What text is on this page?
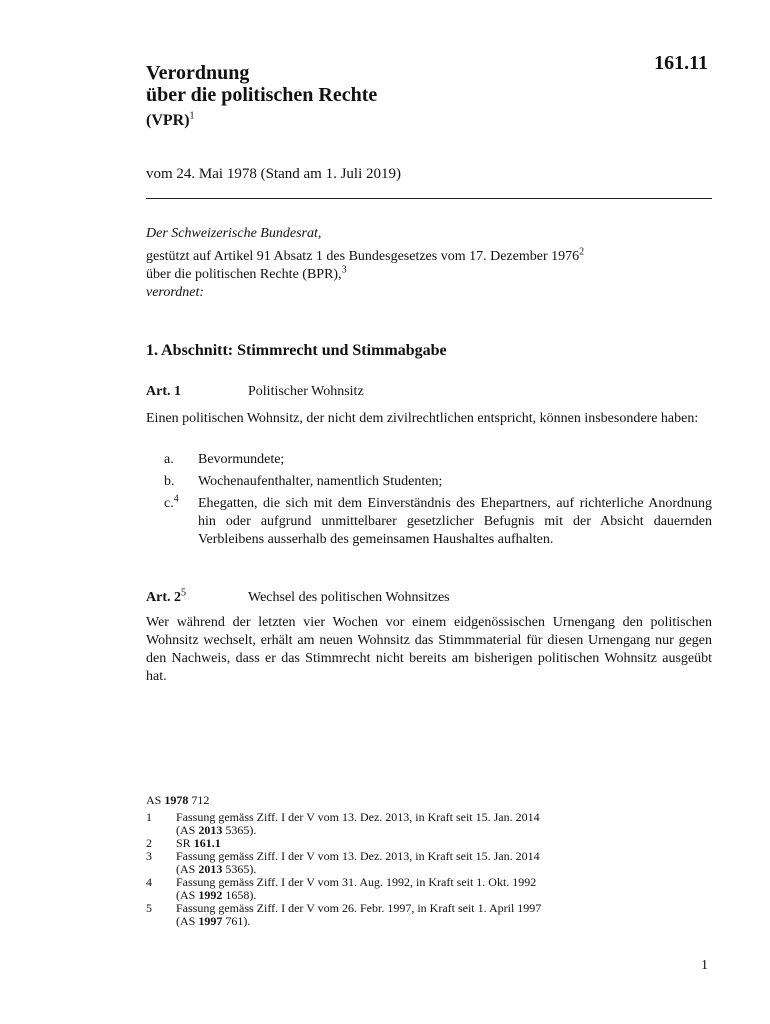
161.11
Verordnung
über die politischen Rechte
(VPR)$^1$
vom 24. Mai 1978 (Stand am 1. Juli 2019)
Der Schweizerische Bundesrat,
gestützt auf Artikel 91 Absatz 1 des Bundesgesetzes vom 17. Dezember 1976$^2$
über die politischen Rechte (BPR),$^3$
verordnet:
1. Abschnitt: Stimmrecht und Stimmabgabe
Art. 1	Politischer Wohnsitz
Einen politischen Wohnsitz, der nicht dem zivilrechtlichen entspricht, können insbesondere haben:
a.	Bevormundete;
b.	Wochenaufenthalter, namentlich Studenten;
c.$^4$	Ehegatten, die sich mit dem Einverständnis des Ehepartners, auf richterliche Anordnung hin oder aufgrund unmittelbarer gesetzlicher Befugnis mit der Absicht dauernden Verbleibens ausserhalb des gemeinsamen Haushaltes aufhalten.
Art. $2^5$	Wechsel des politischen Wohnsitzes
Wer während der letzten vier Wochen vor einem eidgenössischen Urnengang den politischen Wohnsitz wechselt, erhält am neuen Wohnsitz das Stimmmaterial für diesen Urnengang nur gegen den Nachweis, dass er das Stimmrecht nicht bereits am bisherigen politischen Wohnsitz ausgeübt hat.
AS 1978 712
1	Fassung gemäss Ziff. I der V vom 13. Dez. 2013, in Kraft seit 15. Jan. 2014
(AS 2013 5365).
2	SR 161.1
3	Fassung gemäss Ziff. I der V vom 13. Dez. 2013, in Kraft seit 15. Jan. 2014
(AS 2013 5365).
4	Fassung gemäss Ziff. I der V vom 31. Aug. 1992, in Kraft seit 1. Okt. 1992
(AS 1992 1658).
5	Fassung gemäss Ziff. I der V vom 26. Febr. 1997, in Kraft seit 1. April 1997
(AS 1997 761).
1
